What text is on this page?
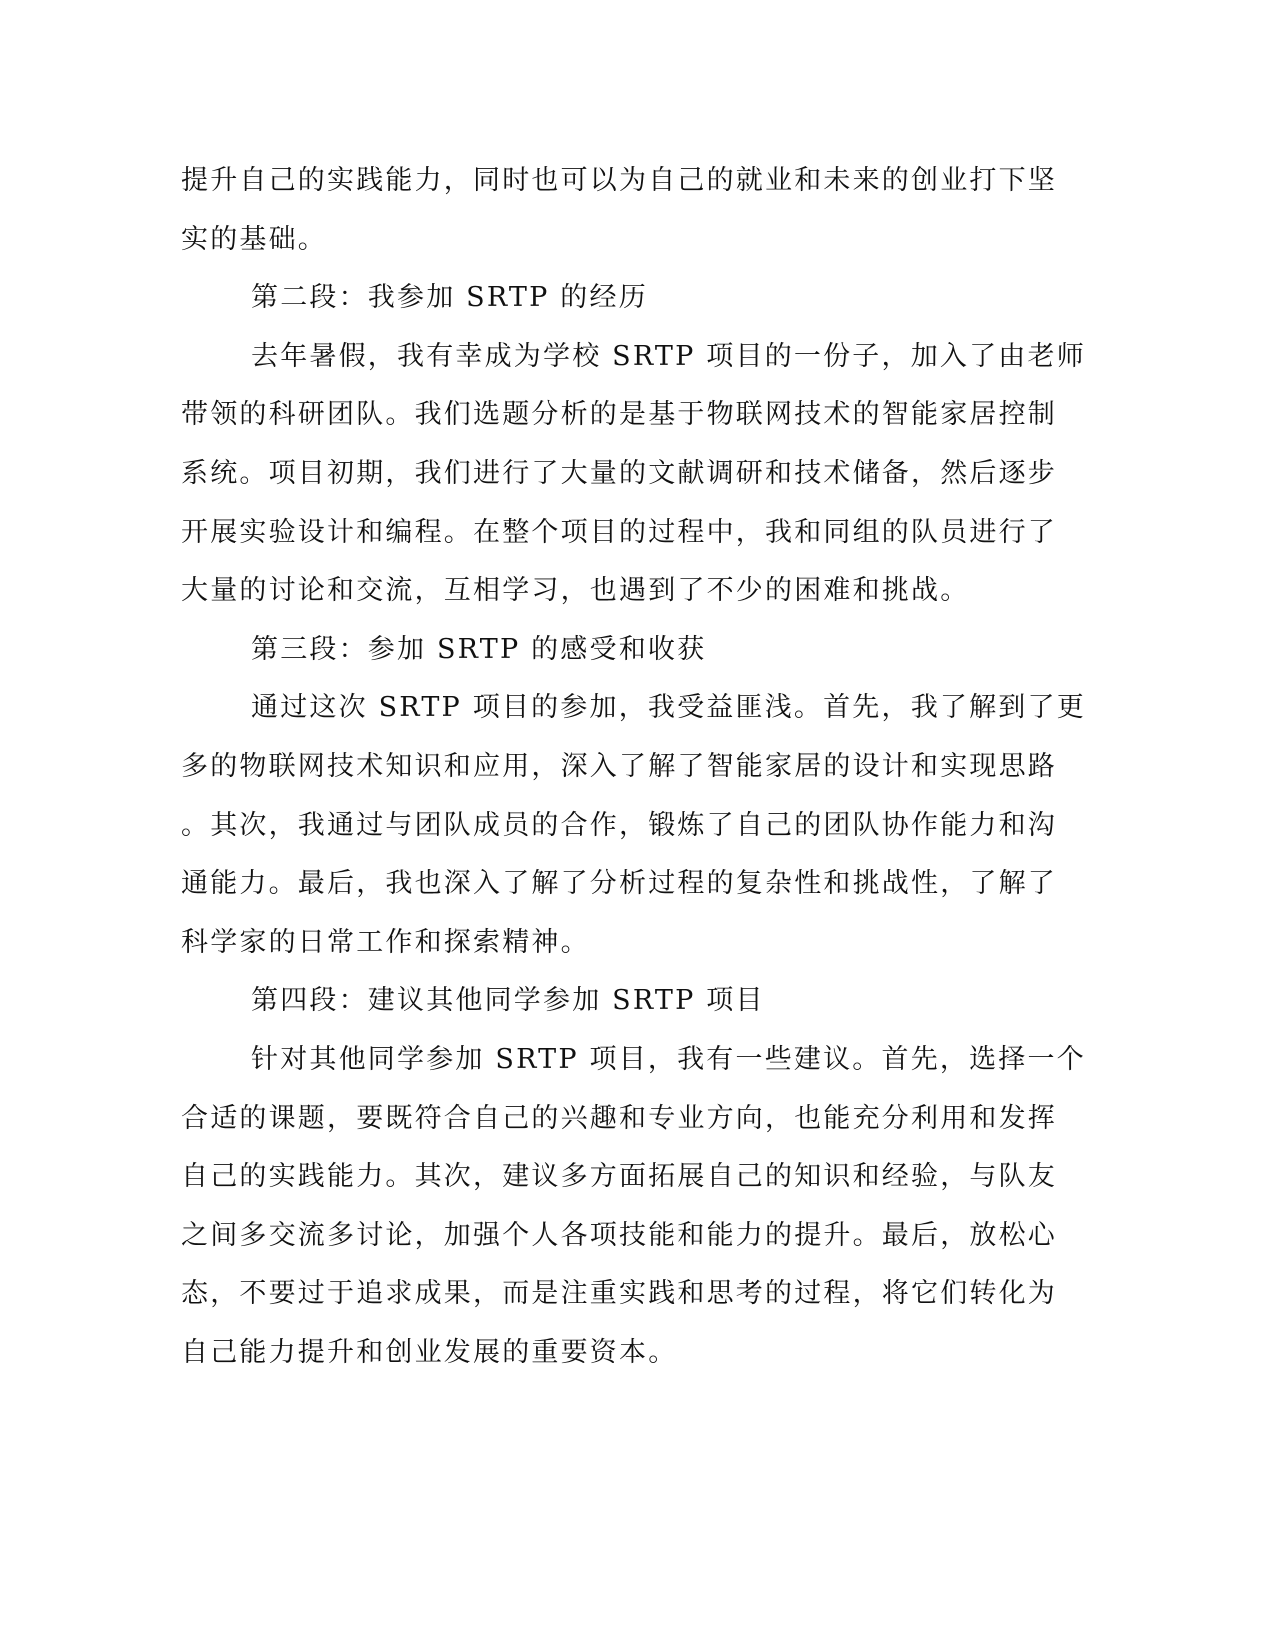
提升自己的实践能力，同时也可以为自己的就业和未来的创业打下坚
实的基础。
第二段：我参加 SRTP 的经历
去年暑假，我有幸成为学校 SRTP 项目的一份子，加入了由老师
带领的科研团队。我们选题分析的是基于物联网技术的智能家居控制
系统。项目初期，我们进行了大量的文献调研和技术储备，然后逐步
开展实验设计和编程。在整个项目的过程中，我和同组的队员进行了
大量的讨论和交流，互相学习，也遇到了不少的困难和挑战。
第三段：参加 SRTP 的感受和收获
通过这次 SRTP 项目的参加，我受益匪浅。首先，我了解到了更
多的物联网技术知识和应用，深入了解了智能家居的设计和实现思路
。其次，我通过与团队成员的合作，锻炼了自己的团队协作能力和沟
通能力。最后，我也深入了解了分析过程的复杂性和挑战性，了解了
科学家的日常工作和探索精神。
第四段：建议其他同学参加 SRTP 项目
针对其他同学参加 SRTP 项目，我有一些建议。首先，选择一个
合适的课题，要既符合自己的兴趣和专业方向，也能充分利用和发挥
自己的实践能力。其次，建议多方面拓展自己的知识和经验，与队友
之间多交流多讨论，加强个人各项技能和能力的提升。最后，放松心
态，不要过于追求成果，而是注重实践和思考的过程，将它们转化为
自己能力提升和创业发展的重要资本。
